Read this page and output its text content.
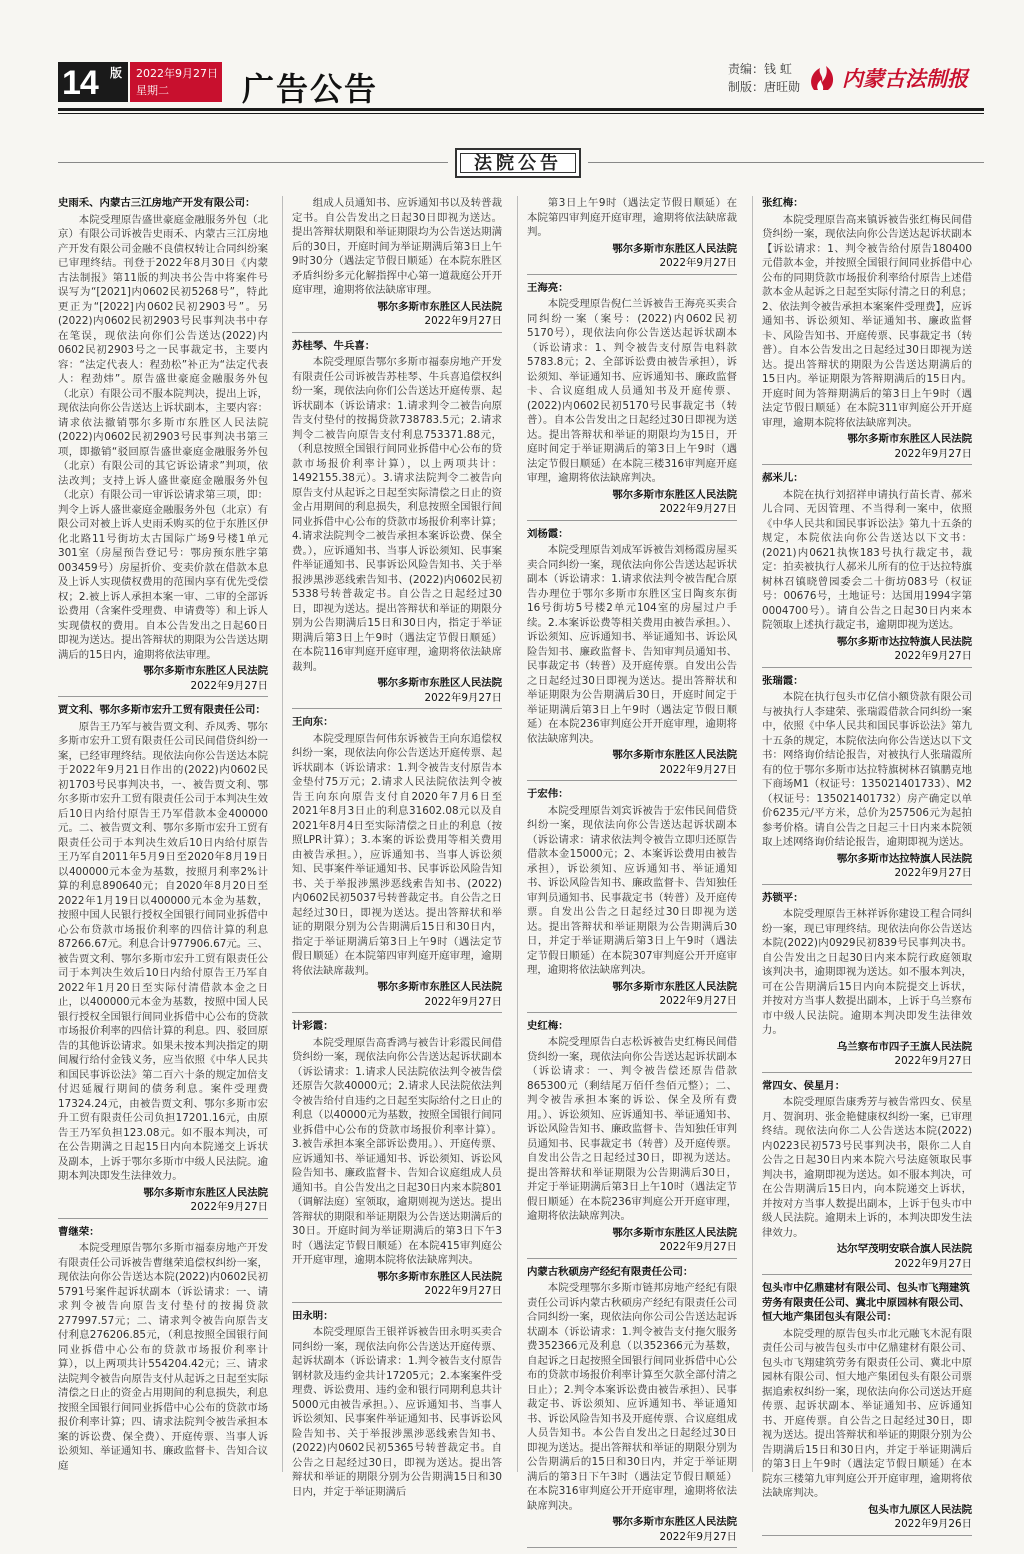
14 版 2022年9月27日
星期二	广告公告
责编：钱 虹
制版：唐旺勋 内蒙古法制报
法院公告
史雨禾、内蒙古三江房地产开发有限公司：
本院受理原告盛世豪庭金融服务外包（北京）有限公司诉被告史雨禾、内蒙古三江房地产开发有限公司金融不良债权转让合同纠纷案已审理终结。刊登于2022年8月30日《内蒙古法制报》第11版的判决书公告中将案件号误写为“[2021]内0602民初5268号”，特此更正为“[2022]内0602民初2903号”。另(2022)内0602民初2903号民事判决书中存在笔误，现依法向你们公告送达(2022)内0602民初2903号之一民事裁定书，主要内容：“法定代表人：程劲松”补正为“法定代表人：程劲炜”。原告盛世豪庭金融服务外包（北京）有限公司不服本院判决，提出上诉，现依法向你公告送达上诉状副本，主要内容：请求依法撤销鄂尔多斯市东胜区人民法院(2022)内0602民初2903号民事判决书第三项，即撤销“驳回原告盛世豪庭金融服务外包（北京）有限公司的其它诉讼请求”判项，依法改判；支持上诉人盛世豪庭金融服务外包（北京）有限公司一审诉讼请求第三项，即：判令上诉人盛世豪庭金融服务外包（北京）有限公司对被上诉人史雨禾购买的位于东胜区伊化北路11号街坊太古国际广场9号楼1单元301室（房屋预告登记号：鄂房预东胜字第003459号）房屋折价、变卖价款在借款本息及上诉人实现债权费用的范围内享有优先受偿权；2.被上诉人承担本案一审、二审的全部诉讼费用（含案件受理费、申请费等）和上诉人实现债权的费用。自本公告发出之日起60日即视为送达。提出答辩状的期限为公告送达期满后的15日内，逾期将依法审理。
鄂尔多斯市东胜区人民法院
2022年9月27日
贾文利、鄂尔多斯市宏升工贸有限责任公司：
原告王乃军与被告贾文利、乔凤秀、鄂尔多斯市宏升工贸有限责任公司民间借贷纠纷一案，已经审理终结。现依法向你公告送达本院于2022年9月21日作出的(2022)内0602民初1703号民事判决书，一、被告贾文利、鄂尔多斯市宏升工贸有限责任公司于本判决生效后10日内给付原告王乃军借款本金400000元。二、被告贾文利、鄂尔多斯市宏升工贸有限责任公司于本判决生效后10日内给付原告王乃军自2011年5月9日至2020年8月19日以400000元本金为基数，按照月利率2%计算的利息890640元；自2020年8月20日至2022年1月19日以400000元本金为基数，按照中国人民银行授权全国银行间同业拆借中心公布贷款市场报价利率的四倍计算的利息87266.67元。利息合计977906.67元。三、被告贾文利、鄂尔多斯市宏升工贸有限责任公司于本判决生效后10日内给付原告王乃军自2022年1月20日至实际付清借款本金之日止，以400000元本金为基数，按照中国人民银行授权全国银行间同业拆借中心公布的贷款市场报价利率的四倍计算的利息。四、驳回原告的其他诉讼请求。如果未按本判决指定的期间履行给付金钱义务，应当依照《中华人民共和国民事诉讼法》第二百六十条的规定加倍支付迟延履行期间的债务利息。案件受理费17324.24元，由被告贾文利、鄂尔多斯市宏升工贸有限责任公司负担17201.16元，由原告王乃军负担123.08元。如不服本判决，可在公告期满之日起15日内向本院递交上诉状及副本，上诉于鄂尔多斯市中级人民法院。逾期本判决即发生法律效力。
鄂尔多斯市东胜区人民法院
2022年9月27日
曹继荣：
本院受理原告鄂尔多斯市福泰房地产开发有限责任公司诉被告曹继荣追偿权纠纷一案，现依法向你公告送达本院(2022)内0602民初5791号案件起诉状副本（诉讼请求：一、请求判令被告向原告支付垫付的按揭贷款277997.57元；二、请求判令被告向原告支付利息276206.85元，（利息按照全国银行间同业拆借中心公布的贷款市场报价利率计算），以上两项共计554204.42元；三、请求法院判令被告向原告支付从起诉之日起至实际清偿之日止的资金占用期间的利息损失，利息按照全国银行间同业拆借中心公布的贷款市场报价利率计算；四、请求法院判令被告承担本案的诉讼费、保全费）、开庭传票、当事人诉讼须知、举证通知书、廉政监督卡、告知合议庭
组成人员通知书、应诉通知书以及转普裁定书。自公告发出之日起30日即视为送达。提出答辩状期限和举证期限均为公告送达期满后的30日，开庭时间为举证期满后第3日上午9时30分（遇法定节假日顺延）在本院东胜区矛盾纠纷多元化解指挥中心第一道裁庭公开开庭审理，逾期将依法缺席审理。
鄂尔多斯市东胜区人民法院
2022年9月27日
苏桂琴、牛兵喜：
本院受理原告鄂尔多斯市福泰房地产开发有限责任公司诉被告苏桂琴、牛兵喜追偿权纠纷一案，现依法向你们公告送达开庭传票、起诉状副本（诉讼请求：1.请求判令二被告向原告支付垫付的按揭贷款738783.5元；2.请求判令二被告向原告支付利息753371.88元，（利息按照全国银行间同业拆借中心公布的贷款市场报价利率计算），以上两项共计：1492155.38元）。3.请求法院判令二被告向原告支付从起诉之日起至实际清偿之日止的资金占用期间的利息损失，利息按照全国银行间同业拆借中心公布的贷款市场报价利率计算；4.请求法院判令二被告承担本案诉讼费、保全费。），应诉通知书、当事人诉讼须知、民事案件举证通知书、民事诉讼风险告知书、关于举报涉黑涉恶线索告知书、(2022)内0602民初5338号转普裁定书。自公告之日起经过30日，即视为送达。提出答辩状和举证的期限分别为公告期满后15日和30日内，指定于举证期满后第3日上午9时（遇法定节假日顺延）在本院116审判庭开庭审理，逾期将依法缺席裁判。
鄂尔多斯市东胜区人民法院
2022年9月27日
王向东：
本院受理原告何伟东诉被告王向东追偿权纠纷一案，现依法向你公告送达开庭传票、起诉状副本（诉讼请求：1.判令被告支付原告本金垫付75万元；2.请求人民法院依法判令被告王向东向原告支付自2020年7月6日至2021年8月3日止的利息31602.08元以及自2021年8月4日至实际清偿之日止的利息（按照LPR计算）；3.本案的诉讼费用等相关费用由被告承担。），应诉通知书、当事人诉讼须知、民事案件举证通知书、民事诉讼风险告知书、关于举报涉黑涉恶线索告知书、(2022)内0602民初5037号转普裁定书。自公告之日起经过30日，即视为送达。提出答辩状和举证的期限分别为公告期满后15日和30日内，指定于举证期满后第3日上午9时（遇法定节假日顺延）在本院第四审判庭开庭审理，逾期将依法缺席裁判。
鄂尔多斯市东胜区人民法院
2022年9月27日
计彩霞：
本院受理原告高香鸿与被告计彩霞民间借贷纠纷一案，现依法向你公告送达起诉状副本（诉讼请求：1.请求人民法院依法判令被告偿还原告欠款40000元；2.请求人民法院依法判令被告给付自违约之日起至实际给付之日止的利息（以40000元为基数，按照全国银行间同业拆借中心公布的贷款市场报价利率计算）。3.被告承担本案全部诉讼费用。）、开庭传票、应诉通知书、举证通知书、诉讼须知、诉讼风险告知书、廉政监督卡、告知合议庭组成人员通知书。自公告发出之日起30日内来本院801（调解法庭）室领取，逾期则视为送达。提出答辩状的期限和举证期限为公告送达期满后的30日。开庭时间为举证期满后的第3日下午3时（遇法定节假日顺延）在本院415审判庭公开开庭审理，逾期本院将依法缺席判决。
鄂尔多斯市东胜区人民法院
2022年9月27日
田永明：
本院受理原告王银祥诉被告田永明买卖合同纠纷一案，现依法向你公告送达开庭传票、起诉状副本（诉讼请求：1.判令被告支付原告钢材款及违约金共计17205元；2.本案案件受理费、诉讼费用、违约金和银行同期利息共计5000元由被告承担。）、应诉通知书、当事人诉讼须知、民事案件举证通知书、民事诉讼风险告知书、关于举报涉黑涉恶线索告知书、(2022)内0602民初5365号转普裁定书。自公告之日起经过30日，即视为送达。提出答辩状和举证的期限分别为公告期满15日和30日内，并定于举证期满后
第3日上午9时（遇法定节假日顺延）在本院第四审判庭开庭审理，逾期将依法缺席裁判。
鄂尔多斯市东胜区人民法院
2022年9月27日
王海亮：
本院受理原告倪仁兰诉被告王海亮买卖合同纠纷一案（案号：(2022)内0602民初5170号），现依法向你公告送达起诉状副本（诉讼请求：1、判令被告支付原告电料款5783.8元；2、全部诉讼费由被告承担），诉讼须知、举证通知书、应诉通知书、廉政监督卡、合议庭组成人员通知书及开庭传票、(2022)内0602民初5170号民事裁定书（转普）。自本公告发出之日起经过30日即视为送达。提出答辩状和举证的期限均为15日，开庭时间定于举证期满后的第3日上午9时（遇法定节假日顺延）在本院三楼316审判庭开庭审理，逾期将依法缺席判决。
鄂尔多斯市东胜区人民法院
2022年9月27日
刘杨霞：
本院受理原告刘成军诉被告刘杨霞房屋买卖合同纠纷一案，现依法向你公告送达起诉状副本（诉讼请求：1.请求依法判令被告配合原告办理位于鄂尔多斯市东胜区宝日陶亥东街16号街坊5号楼2单元104室的房屋过户手续。2.本案诉讼费等相关费用由被告承担。）、诉讼须知、应诉通知书、举证通知书、诉讼风险告知书、廉政监督卡、告知审判员通知书、民事裁定书（转普）及开庭传票。自发出公告之日起经过30日即视为送达。提出答辩状和举证期限为公告期满后30日，开庭时间定于举证期满后第3日上午9时（遇法定节假日顺延）在本院236审判庭公开开庭审理，逾期将依法缺席判决。
鄂尔多斯市东胜区人民法院
2022年9月27日
于宏伟：
本院受理原告刘宾诉被告于宏伟民间借贷纠纷一案，现依法向你公告送达起诉状副本（诉讼请求：请求依法判令被告立即归还原告借款本金15000元；2、本案诉讼费用由被告承担），诉讼须知、应诉通知书、举证通知书、诉讼风险告知书、廉政监督卡、告知独任审判员通知书、民事裁定书（转普）及开庭传票。自发出公告之日起经过30日即视为送达。提出答辩状和举证期限为公告期满后30日，并定于举证期满后第3日上午9时（遇法定节假日顺延）在本院307审判庭公开开庭审理，逾期将依法缺席判决。
鄂尔多斯市东胜区人民法院
2022年9月27日
史红梅：
本院受理原告白志松诉被告史红梅民间借贷纠纷一案，现依法向你公告送达起诉状副本（诉讼请求：一、判令被告偿还原告借款865300元（剩结尾万佰仟叁佰元整）；二、判令被告承担本案的诉讼、保全及所有费用。）、诉讼须知、应诉通知书、举证通知书、诉讼风险告知书、廉政监督卡、告知独任审判员通知书、民事裁定书（转普）及开庭传票。自发出公告之日起经过30日，即视为送达。提出答辩状和举证期限为公告期满后30日，并定于举证期满后第3日上午10时（遇法定节假日顺延）在本院236审判庭公开开庭审理，逾期将依法缺席判决。
鄂尔多斯市东胜区人民法院
2022年9月27日
内蒙古秋硕房产经纪有限责任公司：
本院受理鄂尔多斯市链邦房地产经纪有限责任公司诉内蒙古秋硕房产经纪有限责任公司合同纠纷一案，现依法向你公司公告送达起诉状副本（诉讼请求：1.判令被告支付拖欠服务费352366元及利息（以352366元为基数，自起诉之日起按照全国银行间同业拆借中心公布的贷款市场报价利率计算至欠款全部付清之日止）；2.判令本案诉讼费由被告承担）、民事裁定书、诉讼须知、应诉通知书、举证通知书、诉讼风险告知书及开庭传票、合议庭组成人员告知书。本公告自发出之日起经过30日即视为送达。提出答辩状和举证的期限分别为公告期满后的15日和30日内，并定于举证期满后的第3日下午3时（遇法定节假日顺延）在本院316审判庭公开开庭审理，逾期将依法缺席判决。
鄂尔多斯市东胜区人民法院
2022年9月27日
张红梅：
本院受理原告高来镇诉被告张红梅民间借贷纠纷一案，现依法向你公告送达起诉状副本【诉讼请求：1、判令被告给付原告180400元借款本金，并按照全国银行间同业拆借中心公布的同期贷款市场报价利率给付原告上述借款本金从起诉之日起至实际付清之日的利息；2、依法判令被告承担本案案件受理费】，应诉通知书、诉讼须知、举证通知书、廉政监督卡、风险告知书、开庭传票、民事裁定书（转普）。自本公告发出之日起经过30日即视为送达。提出答辩状的期限为公告送达期满后的15日内。举证期限为答辩期满后的15日内。开庭时间为答辩期满后的第3日上午9时（遇法定节假日顺延）在本院311审判庭公开开庭审理，逾期本院将依法缺席判决。
鄂尔多斯市东胜区人民法院
2022年9月27日
郝米儿：
本院在执行刘招祥申请执行苗长青、郝米儿合同、无因管理、不当得利一案中，依照《中华人民共和国民事诉讼法》第九十五条的规定，本院依法向你公告送达以下文书：(2021)内0621执恢183号执行裁定书，裁定：拍卖被执行人郝米儿所有的位于达拉特旗树林召镇晓曾园委会二十街坊083号（权证号：00676号，土地证号：达国用1994字第0004700号）。请自公告之日起30日内来本院领取上述执行裁定书，逾期即视为送达。
鄂尔多斯市达拉特旗人民法院
2022年9月27日
张瑞霞：
本院在执行包头市亿信小额贷款有限公司与被执行人李建荣、张瑞霞借款合同纠纷一案中，依照《中华人民共和国民事诉讼法》第九十五条的规定，本院依法向你公告送达以下文书：网络询价结论报告，对被执行人张瑞霞所有的位于鄂尔多斯市达拉特旗树林召镇鹏克地下商场M1（权证号：135021401733）、M2（权证号：135021401732）房产确定以单价6235元/平方米，总价为257506元为起拍参考价格。请自公告之日起三十日内来本院领取上述网络询价结论报告，逾期即视为送达。
鄂尔多斯市达拉特旗人民法院
2022年9月27日
苏锁平：
本院受理原告王林祥诉你建设工程合同纠纷一案，现已审理终结。现依法向你公告送达本院(2022)内0929民初839号民事判决书。自公告发出之日起30日内来本院行政庭领取该判决书，逾期即视为送达。如不服本判决，可在公告期满后15日内向本院提交上诉状，并按对方当事人数提出副本，上诉于乌兰察布市中级人民法院。逾期本判决即发生法律效力。
乌兰察布市四子王旗人民法院
2022年9月27日
常四女、侯星月：
本院受理原告康秀芳与被告常四女、侯星月、贺润玥、张金艳健康权纠纷一案，已审理终结。现依法向你二人公告送达本院(2022)内0223民初573号民事判决书，限你二人自公告之日起30日内来本院六号法庭领取民事判决书，逾期即视为送达。如不服本判决，可在公告期满后15日内，向本院递交上诉状，并按对方当事人数提出副本，上诉于包头市中级人民法院。逾期未上诉的，本判决即发生法律效力。
达尔罕茂明安联合旗人民法院
2022年9月27日
包头市中亿鼎建材有限公司、包头市飞翔建筑劳务有限责任公司、冀北中原园林有限公司、恒大地产集团包头有限公司：
本院受理的原告包头市北元融飞木泥有限责任公司与被告包头市中亿鼎建材有限公司、包头市飞翔建筑劳务有限责任公司、冀北中原园林有限公司、恒大地产集团包头有限公司票据追索权纠纷一案，现依法向你公司送达开庭传票、起诉状副本、举证通知书、应诉通知书、开庭传票。自公告之日起经过30日，即视为送达。提出答辩状和举证的期限分别为公告期满后15日和30日内，并定于举证期满后的第3日上午9时（遇法定节假日顺延）在本院东三楼第九审判庭公开开庭审理，逾期将依法缺席判决。
包头市九原区人民法院
2022年9月26日
